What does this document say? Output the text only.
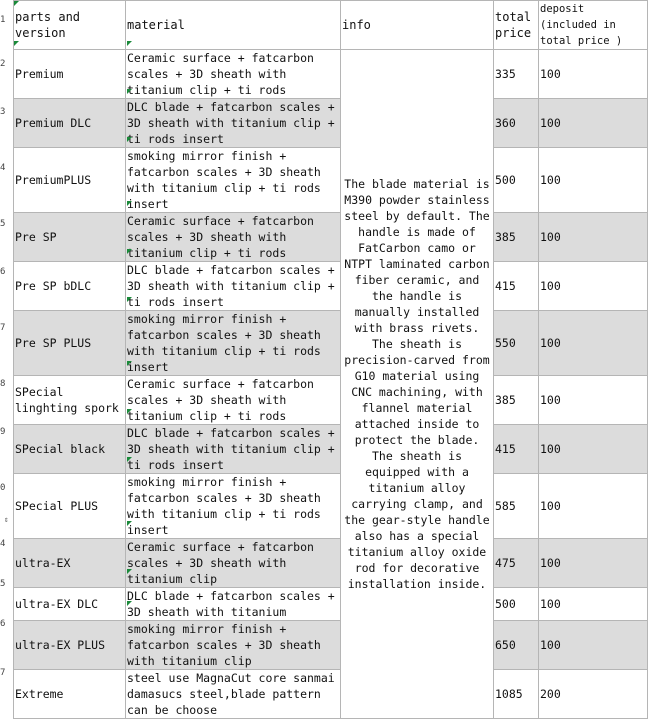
1
2
3
4
5
6
7
8
9
0
4
5
6
7
⇕
parts and version	material	info	total price	deposit (included in total price )
Premium	Ceramic surface + fatcarbon scales + 3D sheath with titanium clip + ti rods	The blade material is M390 powder stainless steel by default. The handle is made of FatCarbon camo or NTPT laminated carbon fiber ceramic, and the handle is manually installed with brass rivets. The sheath is precision-carved from G10 material using CNC machining, with flannel material attached inside to protect the blade. The sheath is equipped with a titanium alloy carrying clamp, and the gear-style handle also has a special titanium alloy oxide rod for decorative installation inside.	335	100
Premium DLC	DLC blade + fatcarbon scales + 3D sheath with titanium clip + ti rods insert		360	100
PremiumPLUS	smoking mirror finish + fatcarbon scales + 3D sheath with titanium clip + ti rods insert		500	100
Pre SP	Ceramic surface + fatcarbon scales + 3D sheath with titanium clip + ti rods		385	100
Pre SP bDLC	DLC blade + fatcarbon scales + 3D sheath with titanium clip + ti rods insert		415	100
Pre SP PLUS	smoking mirror finish + fatcarbon scales + 3D sheath with titanium clip + ti rods insert		550	100
SPecial linghting spork	Ceramic surface + fatcarbon scales + 3D sheath with titanium clip + ti rods		385	100
SPecial black	DLC blade + fatcarbon scales + 3D sheath with titanium clip + ti rods insert		415	100
SPecial PLUS	smoking mirror finish + fatcarbon scales + 3D sheath with titanium clip + ti rods insert		585	100
ultra-EX	Ceramic surface + fatcarbon scales + 3D sheath with titanium clip		475	100
ultra-EX DLC	DLC blade + fatcarbon scales + 3D sheath with titanium		500	100
ultra-EX PLUS	smoking mirror finish + fatcarbon scales + 3D sheath with titanium clip		650	100
Extreme	steel use MagnaCut core sanmai damasucs steel,blade pattern can be choose		1085	200
